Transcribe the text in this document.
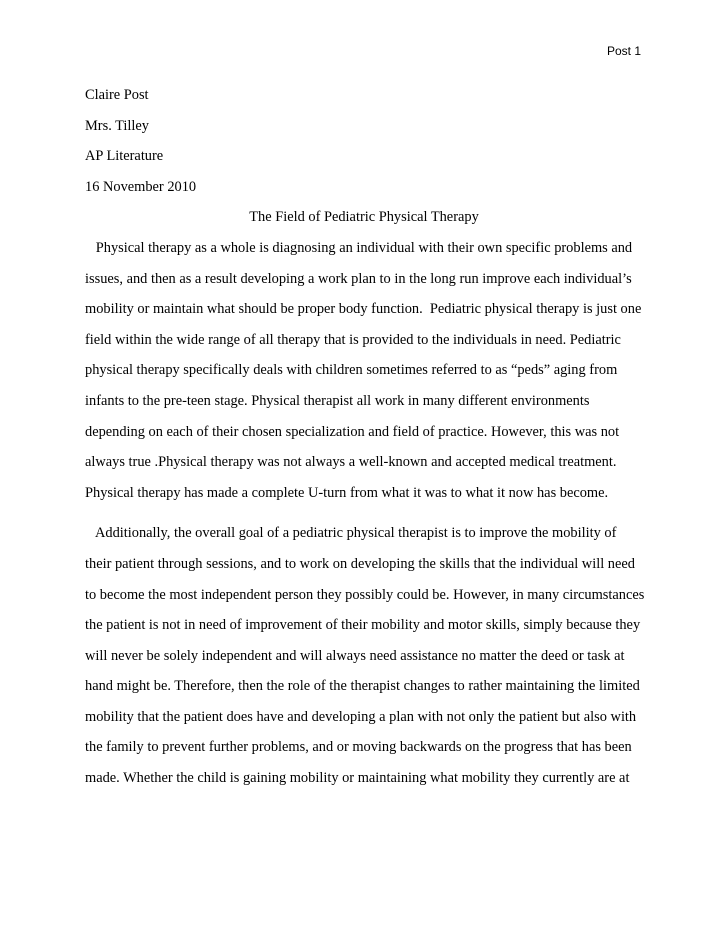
Post 1
Claire Post
Mrs. Tilley
AP Literature
16 November 2010
The Field of Pediatric Physical Therapy
Physical therapy as a whole is diagnosing an individual with their own specific problems and
issues, and then as a result developing a work plan to in the long run improve each individual’s
mobility or maintain what should be proper body function.  Pediatric physical therapy is just one
field within the wide range of all therapy that is provided to the individuals in need. Pediatric
physical therapy specifically deals with children sometimes referred to as “peds” aging from
infants to the pre-teen stage. Physical therapist all work in many different environments
depending on each of their chosen specialization and field of practice. However, this was not
always true .Physical therapy was not always a well-known and accepted medical treatment.
Physical therapy has made a complete U-turn from what it was to what it now has become.
Additionally, the overall goal of a pediatric physical therapist is to improve the mobility of
their patient through sessions, and to work on developing the skills that the individual will need
to become the most independent person they possibly could be. However, in many circumstances
the patient is not in need of improvement of their mobility and motor skills, simply because they
will never be solely independent and will always need assistance no matter the deed or task at
hand might be. Therefore, then the role of the therapist changes to rather maintaining the limited
mobility that the patient does have and developing a plan with not only the patient but also with
the family to prevent further problems, and or moving backwards on the progress that has been
made. Whether the child is gaining mobility or maintaining what mobility they currently are at
